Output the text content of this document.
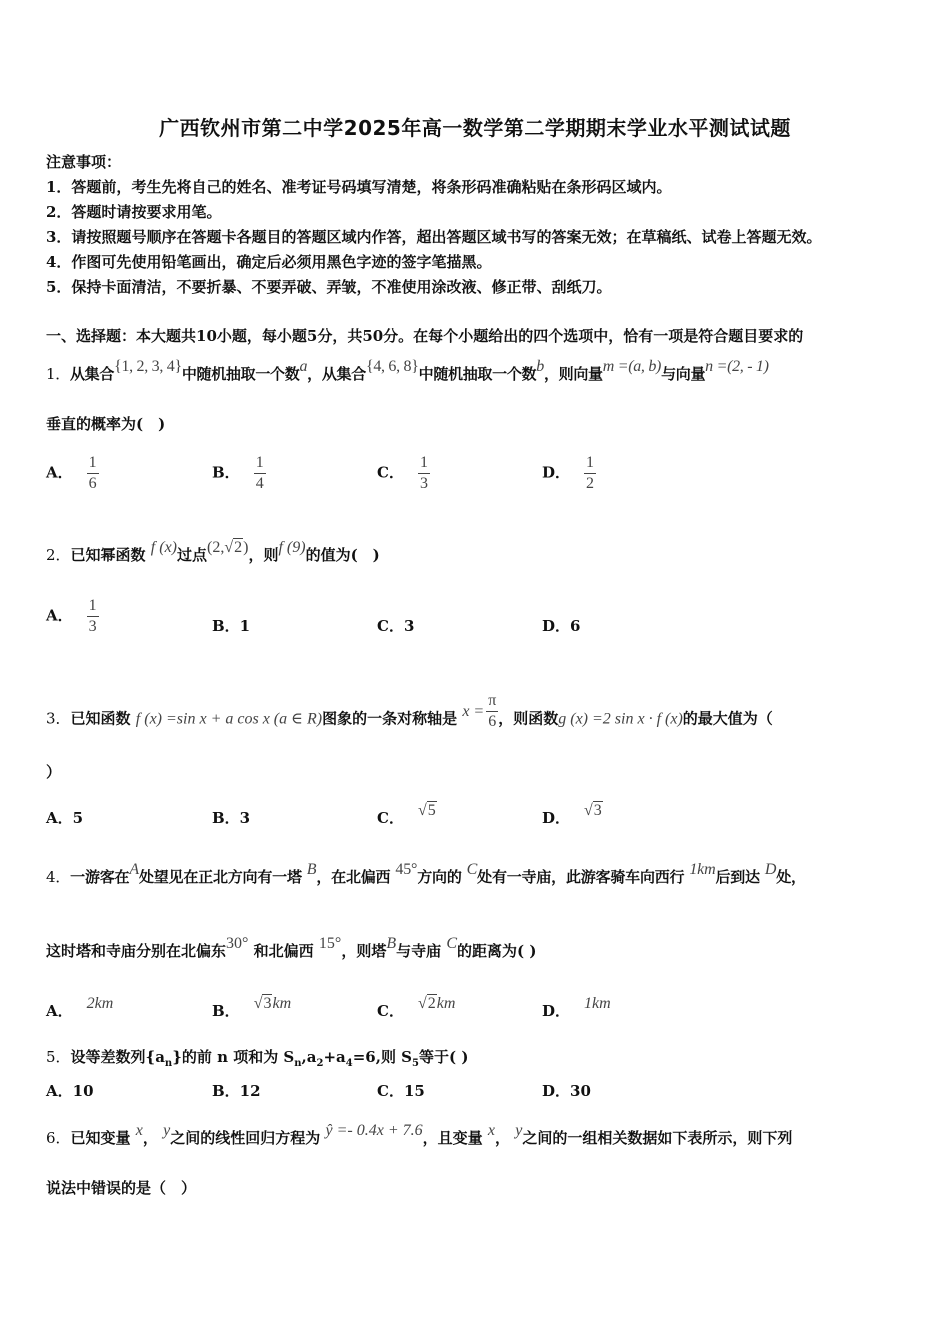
广西钦州市第二中学2025年高一数学第二学期期末学业水平测试试题
注意事项：
1．答题前，考生先将自己的姓名、准考证号码填写清楚，将条形码准确粘贴在条形码区域内。
2．答题时请按要求用笔。
3．请按照题号顺序在答题卡各题目的答题区域内作答，超出答题区域书写的答案无效；在草稿纸、试卷上答题无效。
4．作图可先使用铅笔画出，确定后必须用黑色字迹的签字笔描黑。
5．保持卡面清洁，不要折暴、不要弄破、弄皱，不准使用涂改液、修正带、刮纸刀。
一、选择题：本大题共10小题，每小题5分，共50分。在每个小题给出的四个选项中，恰有一项是符合题目要求的
1．从集合{1, 2, 3, 4}中随机抽取一个数a，从集合{4, 6, 8}中随机抽取一个数b，则向量m =(a, b)与向量n =(2, - 1)
垂直的概率为(　)
A． $\frac{1}{6}$	B． $\frac{1}{4}$	C． $\frac{1}{3}$	D． $\frac{1}{2}$
2．已知幂函数 f (x)过点(2,√2)，则f (9)的值为(　)
A． $\frac{1}{3}$	B．1	C．3	D．6
3．已知函数 f (x) =sin x + a cos x (a ∈ R)图象的一条对称轴是 $x = \frac{\pi}{6}$ ，则函数g (x) =2 sin x · f (x)的最大值为（
）
A．5	B．3	C． √5	D． √3
4．一游客在A处望见在正北方向有一塔 B，在北偏西 45°方向的 C处有一寺庙，此游客骑车向西行 1km后到达 D处，
这时塔和寺庙分别在北偏东30° 和北偏西 15°，则塔B与寺庙 C的距离为( )
A． 2km	B． √3km	C． √2km	D． 1km
5．设等差数列$\{a_n\}$的前 n 项和为 $S_n,a_2+a_4=6$,则 $S_5$等于( )
A．10	B．12	C．15	D．30
6．已知变量 x， y之间的线性回归方程为 ŷ =- 0.4x + 7.6，且变量 x， y之间的一组相关数据如下表所示，则下列
说法中错误的是（　）
